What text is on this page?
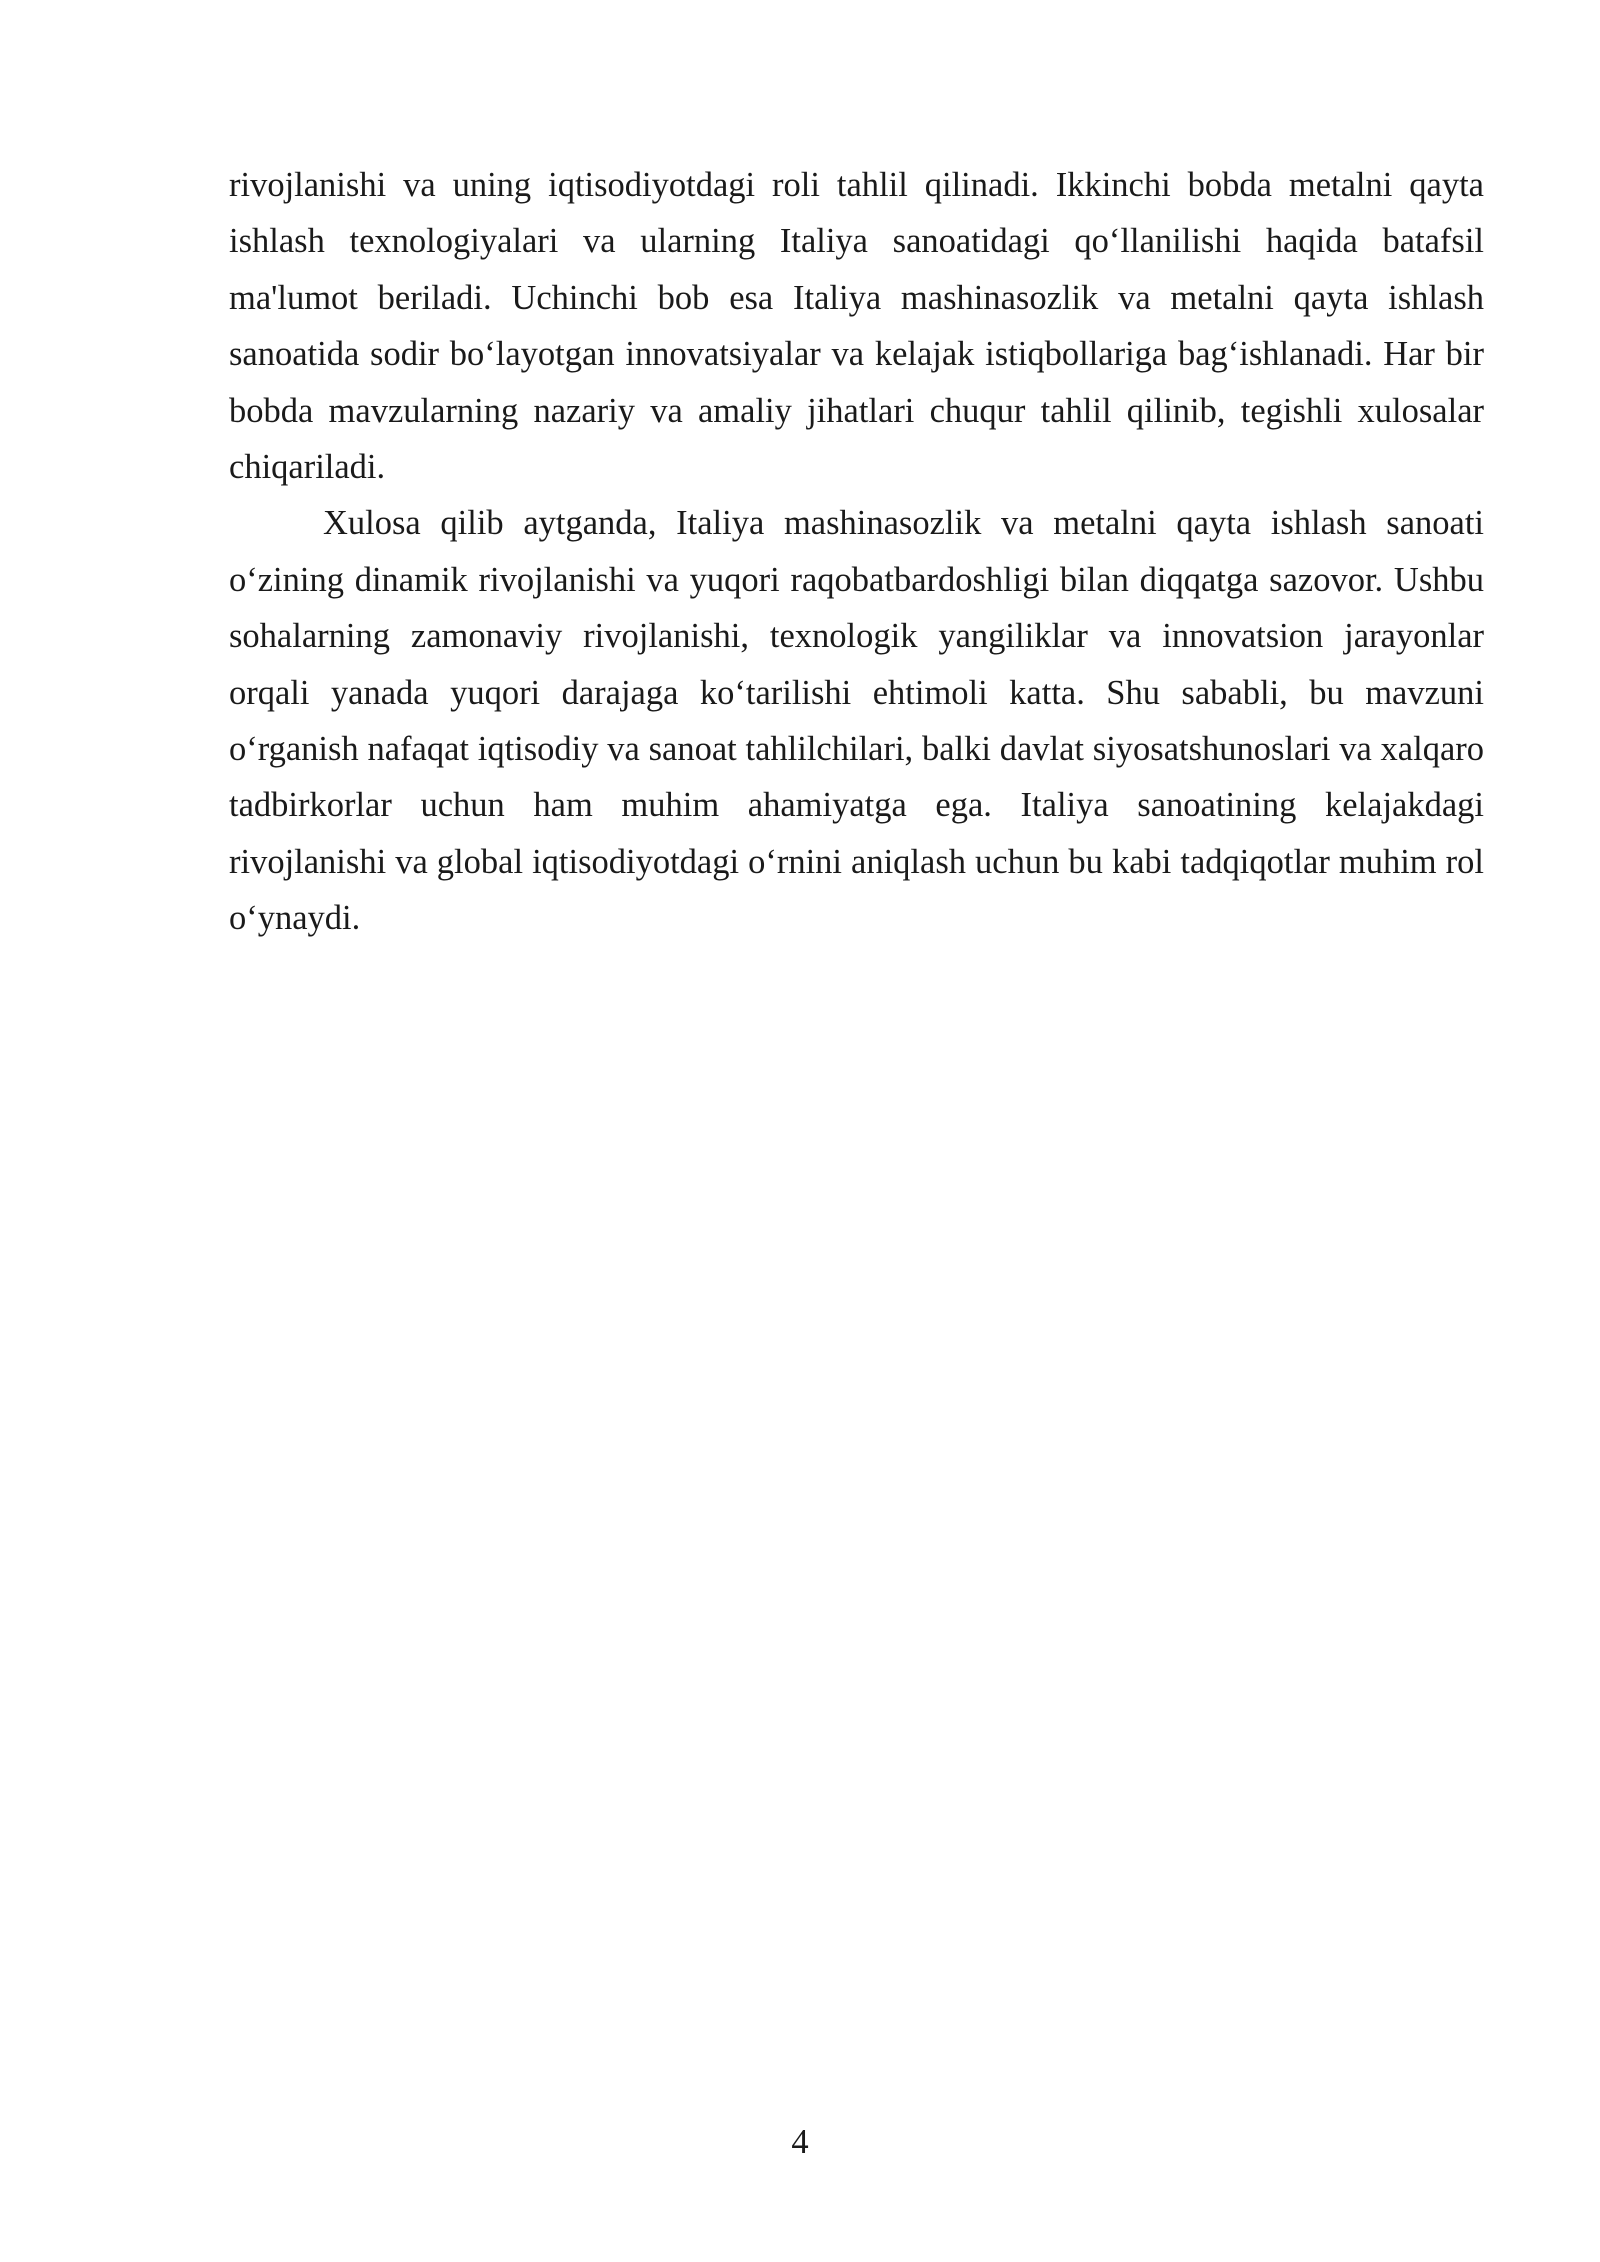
rivojlanishi va uning iqtisodiyotdagi roli tahlil qilinadi. Ikkinchi bobda metalni qayta ishlash texnologiyalari va ularning Italiya sanoatidagi qo‘llanilishi haqida batafsil ma'lumot beriladi. Uchinchi bob esa Italiya mashinasozlik va metalni qayta ishlash sanoatida sodir bo‘layotgan innovatsiyalar va kelajak istiqbollariga bag‘ishlanadi. Har bir bobda mavzularning nazariy va amaliy jihatlari chuqur tahlil qilinib, tegishli xulosalar chiqariladi.

Xulosa qilib aytganda, Italiya mashinasozlik va metalni qayta ishlash sanoati o‘zining dinamik rivojlanishi va yuqori raqobatbardoshligi bilan diqqatga sazovor. Ushbu sohalarning zamonaviy rivojlanishi, texnologik yangiliklar va innovatsion jarayonlar orqali yanada yuqori darajaga ko‘tarilishi ehtimoli katta. Shu sababli, bu mavzuni o‘rganish nafaqat iqtisodiy va sanoat tahlilchilari, balki davlat siyosatshunoslari va xalqaro tadbirkorlar uchun ham muhim ahamiyatga ega. Italiya sanoatining kelajakdagi rivojlanishi va global iqtisodiyotdagi o‘rnini aniqlash uchun bu kabi tadqiqotlar muhim rol o‘ynaydi.

4
